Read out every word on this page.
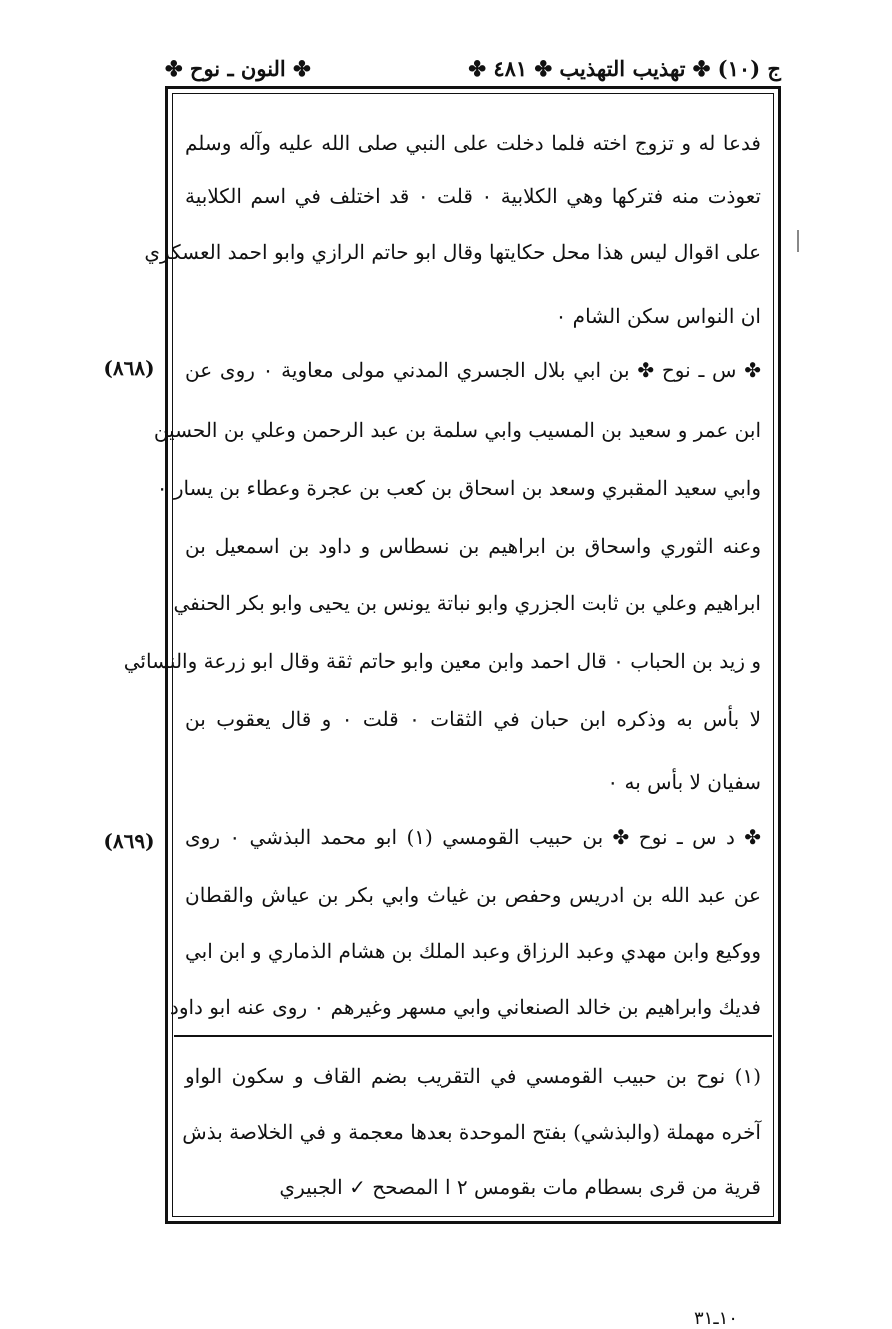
ج (١٠) ✤ تهذيب التهذيب ✤ ٤٨١ ✤
✤ النون ـ نوح ✤
فدعا له و تزوج اخته فلما دخلت على النبي صلى الله عليه وآله وسلم
تعوذت منه فتركها وهي الكلابية ٠ قلت ٠ قد اختلف في اسم الكلابية
على اقوال ليس هذا محل حكايتها وقال ابو حاتم الرازي وابو احمد العسكري
ان النواس سكن الشام ٠
✤ س ـ نوح ✤ بن ابي بلال الجسري المدني مولى معاوية ٠ روى عن
ابن عمر و سعيد بن المسيب وابي سلمة بن عبد الرحمن وعلي بن الحسين
وابي سعيد المقبري وسعد بن اسحاق بن كعب بن عجرة وعطاء بن يسار ٠
وعنه الثوري واسحاق بن ابراهيم بن نسطاس و داود بن اسمعيل بن
ابراهيم وعلي بن ثابت الجزري وابو نباتة يونس بن يحيى وابو بكر الحنفي
و زيد بن الحباب ٠ قال احمد وابن معين وابو حاتم ثقة وقال ابو زرعة والنسائي
لا بأس به وذكره ابن حبان في الثقات ٠ قلت ٠ و قال يعقوب بن
سفيان لا بأس به ٠
✤ د س ـ نوح ✤ بن حبيب القومسي (١) ابو محمد البذشي ٠ روى
عن عبد الله بن ادريس وحفص بن غياث وابي بكر بن عياش والقطان
ووكيع وابن مهدي وعبد الرزاق وعبد الملك بن هشام الذماري و ابن ابي
فديك وابراهيم بن خالد الصنعاني وابي مسهر وغيرهم ٠ روى عنه ابو داود
(٨٦٨)
(٨٦٩)
(١) نوح بن حبيب القومسي في التقريب بضم القاف و سكون الواو
آخره مهملة (والبذشي) بفتح الموحدة بعدها معجمة و في الخلاصة بذش
قرية من قرى بسطام مات بقومس ٢ ا المصحح ✓ الجبيري
١٠ـ٣١
